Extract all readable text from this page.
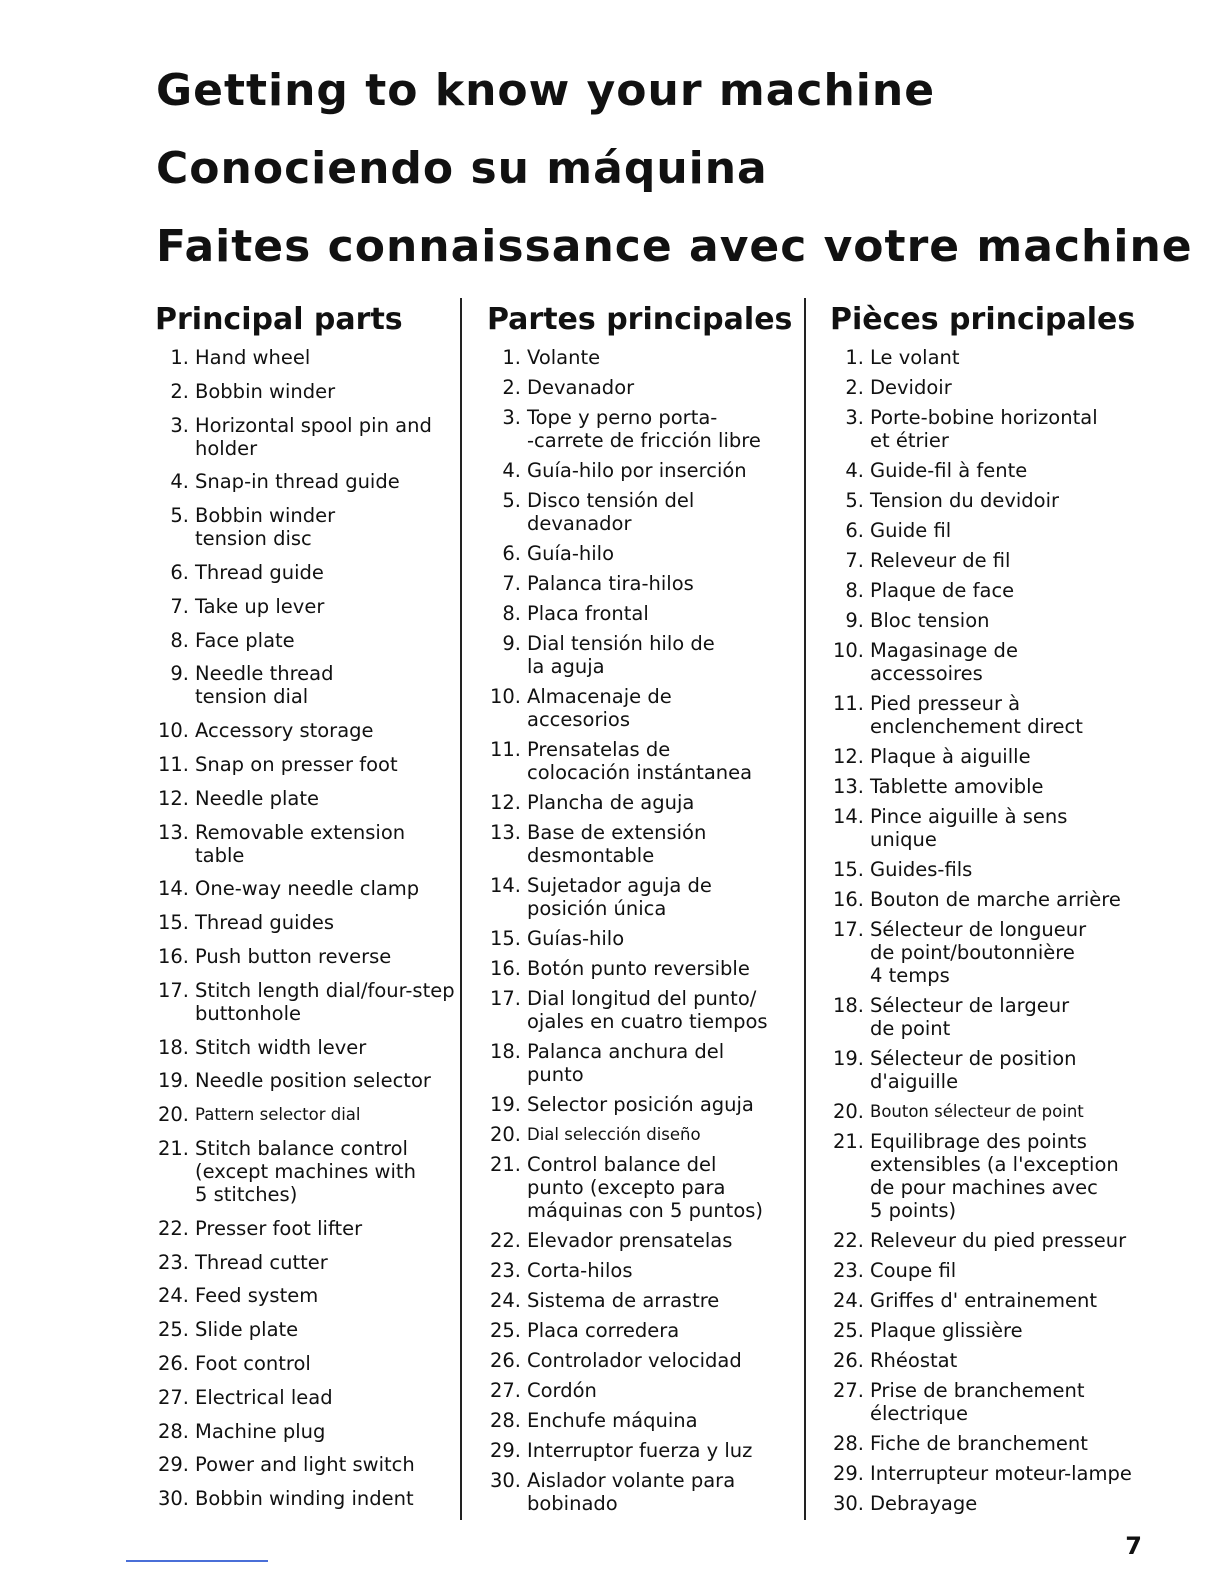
Getting to know your machine
Conociendo su máquina
Faites connaissance avec votre machine
Principal parts
1. Hand wheel
2. Bobbin winder
3. Horizontal spool pin and
holder
4. Snap-in thread guide
5. Bobbin winder
tension disc
6. Thread guide
7. Take up lever
8. Face plate
9. Needle thread
tension dial
10. Accessory storage
11. Snap on presser foot
12. Needle plate
13. Removable extension
table
14. One-way needle clamp
15. Thread guides
16. Push button reverse
17. Stitch length dial/four-step
buttonhole
18. Stitch width lever
19. Needle position selector
20. Pattern selector dial
21. Stitch balance control
(except machines with
5 stitches)
22. Presser foot lifter
23. Thread cutter
24. Feed system
25. Slide plate
26. Foot control
27. Electrical lead
28. Machine plug
29. Power and light switch
30. Bobbin winding indent
Partes principales
1. Volante
2. Devanador
3. Tope y perno porta-
-carrete de fricción libre
4. Guía-hilo por inserción
5. Disco tensión del
devanador
6. Guía-hilo
7. Palanca tira-hilos
8. Placa frontal
9. Dial tensión hilo de
la aguja
10. Almacenaje de
accesorios
11. Prensatelas de
colocación instántanea
12. Plancha de aguja
13. Base de extensión
desmontable
14. Sujetador aguja de
posición única
15. Guías-hilo
16. Botón punto reversible
17. Dial longitud del punto/
ojales en cuatro tiempos
18. Palanca anchura del
punto
19. Selector posición aguja
20. Dial selección diseño
21. Control balance del
punto (excepto para
máquinas con 5 puntos)
22. Elevador prensatelas
23. Corta-hilos
24. Sistema de arrastre
25. Placa corredera
26. Controlador velocidad
27. Cordón
28. Enchufe máquina
29. Interruptor fuerza y luz
30. Aislador volante para
bobinado
Pièces principales
1. Le volant
2. Devidoir
3. Porte-bobine horizontal
et étrier
4. Guide-fil à fente
5. Tension du devidoir
6. Guide fil
7. Releveur de fil
8. Plaque de face
9. Bloc tension
10. Magasinage de
accessoires
11. Pied presseur à
enclenchement direct
12. Plaque à aiguille
13. Tablette amovible
14. Pince aiguille à sens
unique
15. Guides-fils
16. Bouton de marche arrière
17. Sélecteur de longueur
de point/boutonnière
4 temps
18. Sélecteur de largeur
de point
19. Sélecteur de position
d'aiguille
20. Bouton sélecteur de point
21. Equilibrage des points
extensibles (a l'exception
de pour machines avec
5 points)
22. Releveur du pied presseur
23. Coupe fil
24. Griffes d' entrainement
25. Plaque glissière
26. Rhéostat
27. Prise de branchement
électrique
28. Fiche de branchement
29. Interrupteur moteur-lampe
30. Debrayage
7
